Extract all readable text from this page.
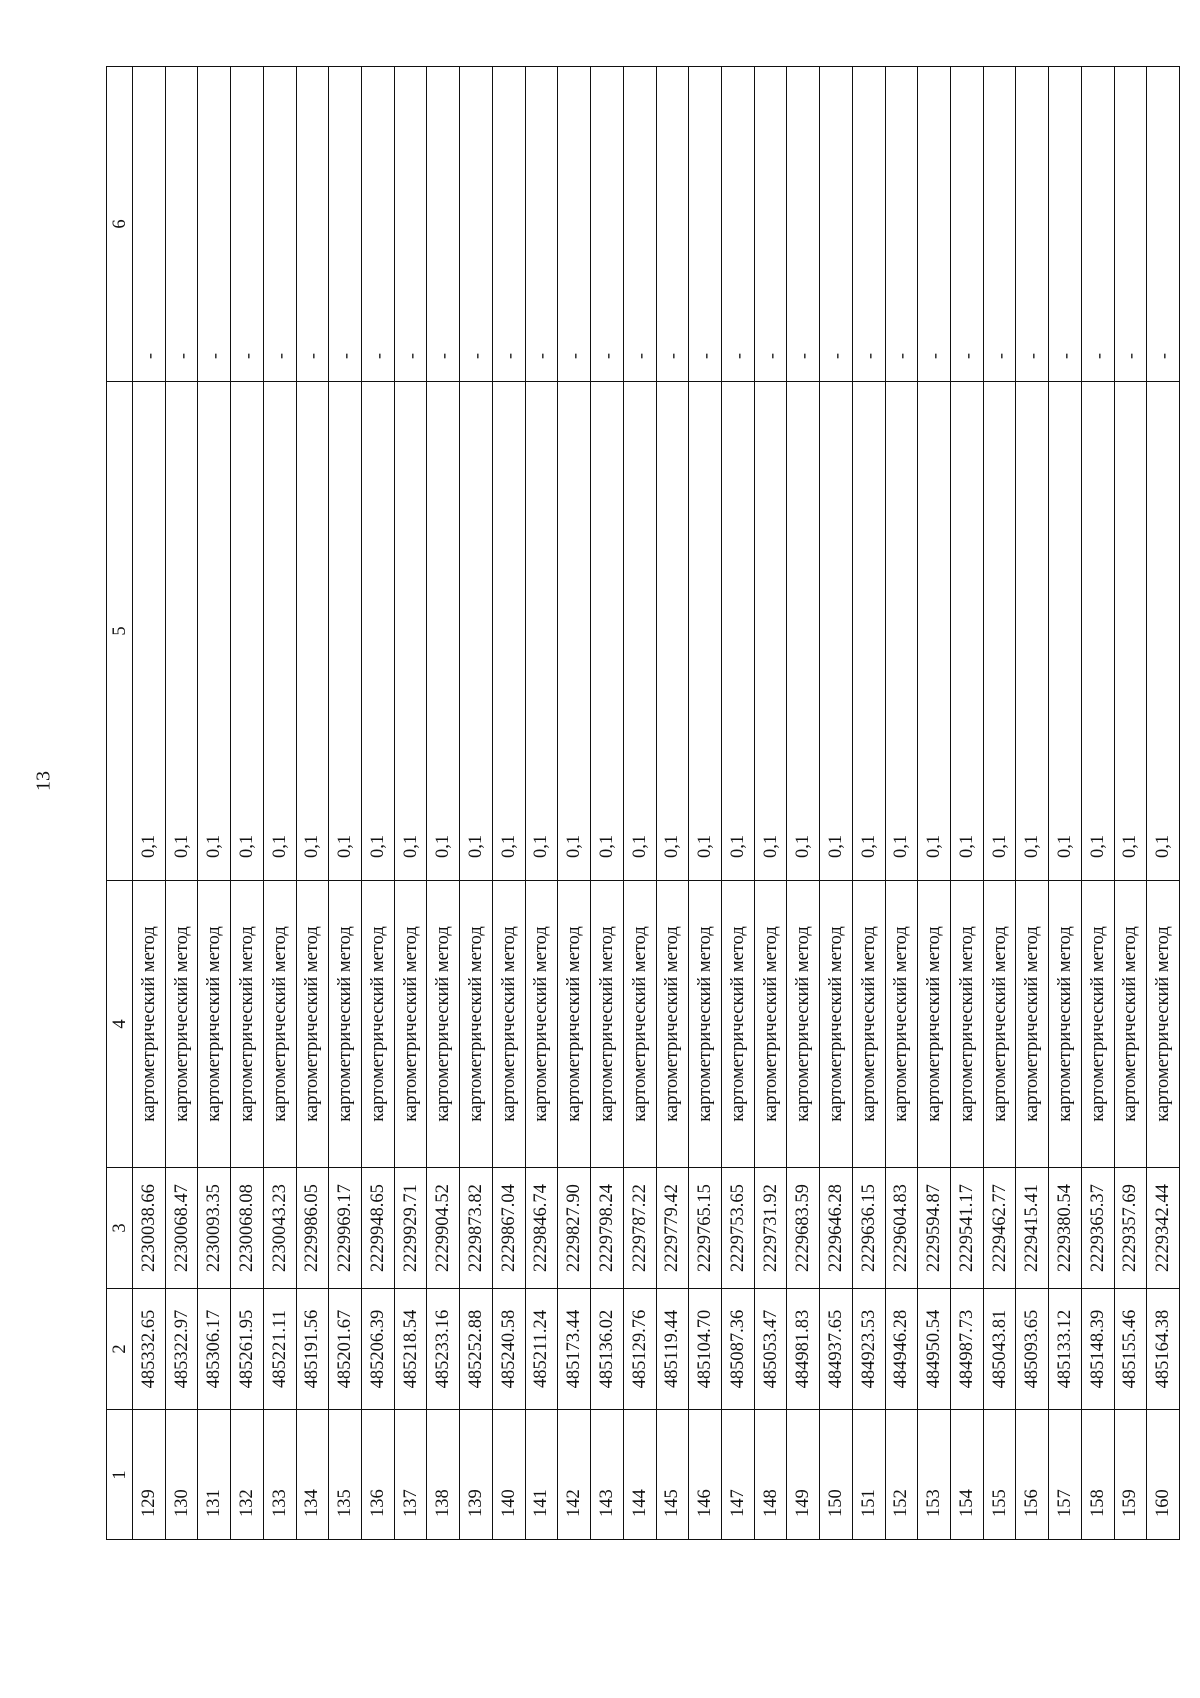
13
1
2
3
4
5
6
129
485332.65
2230038.66
картометрический метод
0,1
-
130
485322.97
2230068.47
картометрический метод
0,1
-
131
485306.17
2230093.35
картометрический метод
0,1
-
132
485261.95
2230068.08
картометрический метод
0,1
-
133
485221.11
2230043.23
картометрический метод
0,1
-
134
485191.56
2229986.05
картометрический метод
0,1
-
135
485201.67
2229969.17
картометрический метод
0,1
-
136
485206.39
2229948.65
картометрический метод
0,1
-
137
485218.54
2229929.71
картометрический метод
0,1
-
138
485233.16
2229904.52
картометрический метод
0,1
-
139
485252.88
2229873.82
картометрический метод
0,1
-
140
485240.58
2229867.04
картометрический метод
0,1
-
141
485211.24
2229846.74
картометрический метод
0,1
-
142
485173.44
2229827.90
картометрический метод
0,1
-
143
485136.02
2229798.24
картометрический метод
0,1
-
144
485129.76
2229787.22
картометрический метод
0,1
-
145
485119.44
2229779.42
картометрический метод
0,1
-
146
485104.70
2229765.15
картометрический метод
0,1
-
147
485087.36
2229753.65
картометрический метод
0,1
-
148
485053.47
2229731.92
картометрический метод
0,1
-
149
484981.83
2229683.59
картометрический метод
0,1
-
150
484937.65
2229646.28
картометрический метод
0,1
-
151
484923.53
2229636.15
картометрический метод
0,1
-
152
484946.28
2229604.83
картометрический метод
0,1
-
153
484950.54
2229594.87
картометрический метод
0,1
-
154
484987.73
2229541.17
картометрический метод
0,1
-
155
485043.81
2229462.77
картометрический метод
0,1
-
156
485093.65
2229415.41
картометрический метод
0,1
-
157
485133.12
2229380.54
картометрический метод
0,1
-
158
485148.39
2229365.37
картометрический метод
0,1
-
159
485155.46
2229357.69
картометрический метод
0,1
-
160
485164.38
2229342.44
картометрический метод
0,1
-
